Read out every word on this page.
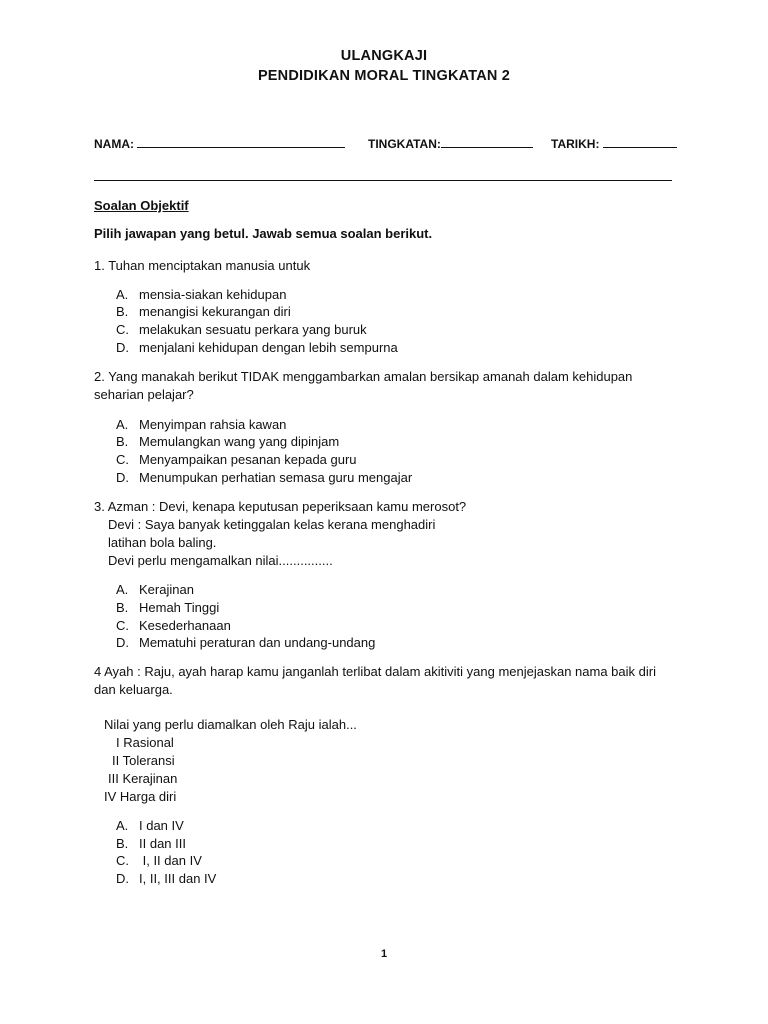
ULANGKAJI
PENDIDIKAN MORAL TINGKATAN 2
NAMA:	TINGKATAN:	TARIKH:
Soalan Objektif
Pilih jawapan yang betul. Jawab semua soalan berikut.
1. Tuhan menciptakan manusia untuk
A. mensia-siakan kehidupan
B. menangisi kekurangan diri
C. melakukan sesuatu perkara yang buruk
D. menjalani kehidupan dengan lebih sempurna
2. Yang manakah berikut TIDAK menggambarkan amalan bersikap amanah dalam kehidupan seharian pelajar?
A. Menyimpan rahsia kawan
B. Memulangkan wang yang dipinjam
C. Menyampaikan pesanan kepada guru
D. Menumpukan perhatian semasa guru mengajar
3. Azman : Devi, kenapa keputusan peperiksaan kamu merosot?
Devi : Saya banyak ketinggalan kelas kerana menghadiri
latihan bola baling.
Devi perlu mengamalkan nilai...............
A. Kerajinan
B. Hemah Tinggi
C. Kesederhanaan
D. Mematuhi peraturan dan undang-undang
4 Ayah : Raju, ayah harap kamu janganlah terlibat dalam akitiviti yang menjejaskan nama baik diri dan keluarga.
Nilai yang perlu diamalkan oleh Raju ialah...
I Rasional
II Toleransi
III Kerajinan
IV Harga diri
A. I dan IV
B. II dan III
C. I, II dan IV
D. I, II, III dan IV
1
